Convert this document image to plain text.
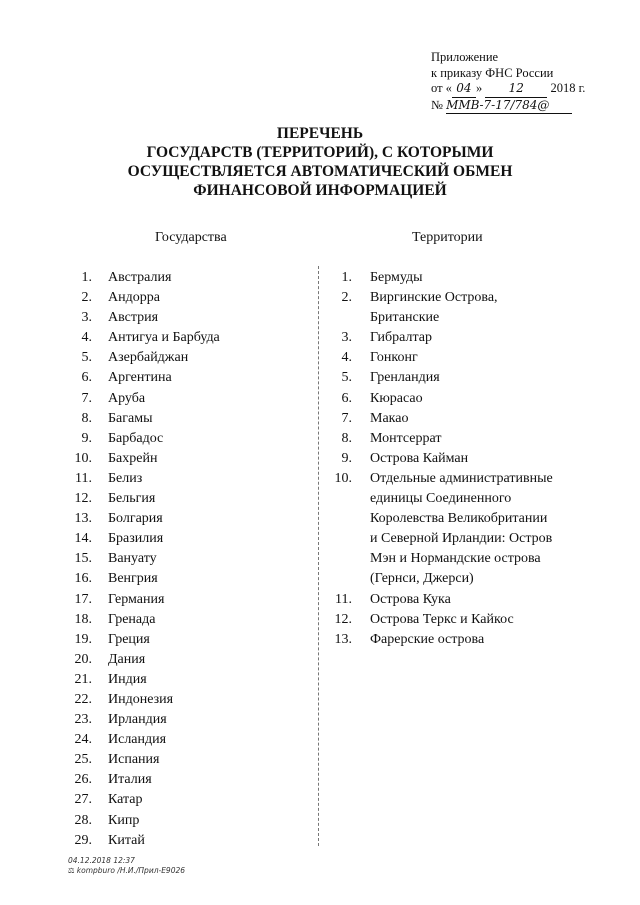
Приложение
к приказу ФНС России
от « 04 » 12 2018 г.
№ ММВ-7-17/784@
ПЕРЕЧЕНЬ
ГОСУДАРСТВ (ТЕРРИТОРИЙ), С КОТОРЫМИ
ОСУЩЕСТВЛЯЕТСЯ АВТОМАТИЧЕСКИЙ ОБМЕН
ФИНАНСОВОЙ ИНФОРМАЦИЕЙ
Государства	Территории
1. Австралия
2. Андорра
3. Австрия
4. Антигуа и Барбуда
5. Азербайджан
6. Аргентина
7. Аруба
8. Багамы
9. Барбадос
10. Бахрейн
11. Белиз
12. Бельгия
13. Болгария
14. Бразилия
15. Вануату
16. Венгрия
17. Германия
18. Гренада
19. Греция
20. Дания
21. Индия
22. Индонезия
23. Ирландия
24. Исландия
25. Испания
26. Италия
27. Катар
28. Кипр
29. Китай
1. Бермуды
2. Виргинские Острова,
Британские
3. Гибралтар
4. Гонконг
5. Гренландия
6. Кюрасао
7. Макао
8. Монтсеррат
9. Острова Кайман
10. Отдельные административные
единицы Соединенного
Королевства Великобритании
и Северной Ирландии: Остров
Мэн и Нормандские острова
(Гернси, Джерси)
11. Острова Кука
12. Острова Теркс и Кайкос
13. Фарерские острова
04.12.2018 12:37
⚖ kompburo /Н.И./Прил-E9026
